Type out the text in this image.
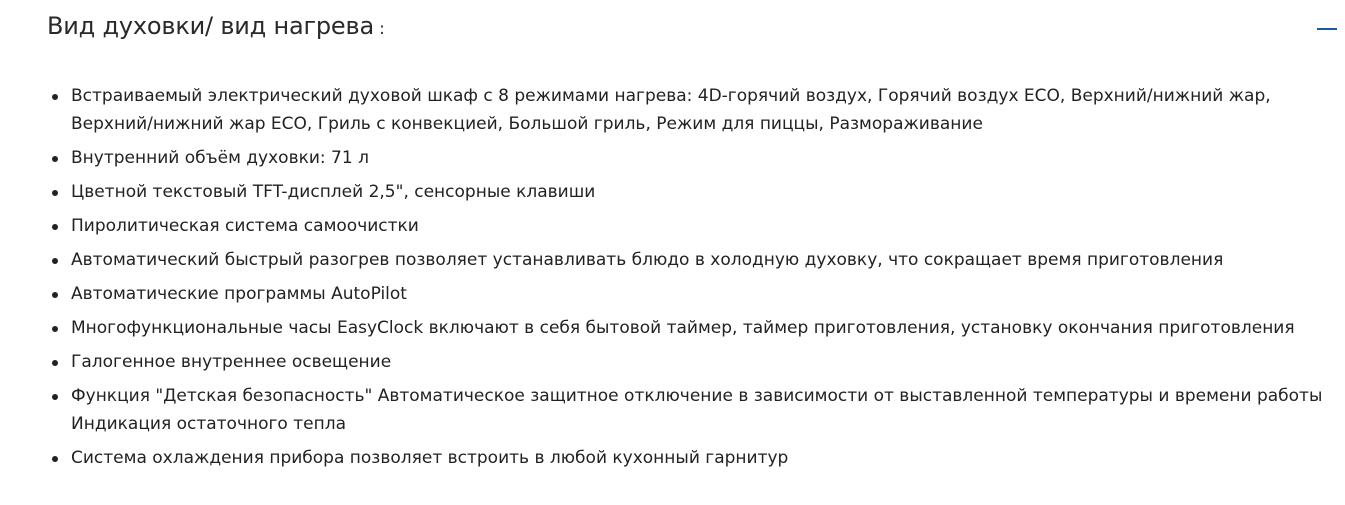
Вид духовки/ вид нагрева :
Встраиваемый электрический духовой шкаф с 8 режимами нагрева: 4D-горячий воздух, Горячий воздух ECO, Верхний/нижний жар, Верхний/нижний жар ECO, Гриль с конвекцией, Большой гриль, Режим для пиццы, Размораживание
Внутренний объём духовки: 71 л
Цветной текстовый TFT-дисплей 2,5", сенсорные клавиши
Пиролитическая система самоочистки
Автоматический быстрый разогрев позволяет устанавливать блюдо в холодную духовку, что сокращает время приготовления
Автоматические программы AutoPilot
Многофункциональные часы EasyClock включают в себя бытовой таймер, таймер приготовления, установку окончания приготовления
Галогенное внутреннее освещение
Функция "Детская безопасность" Автоматическое защитное отключение в зависимости от выставленной температуры и времени работы Индикация остаточного тепла
Система охлаждения прибора позволяет встроить в любой кухонный гарнитур
